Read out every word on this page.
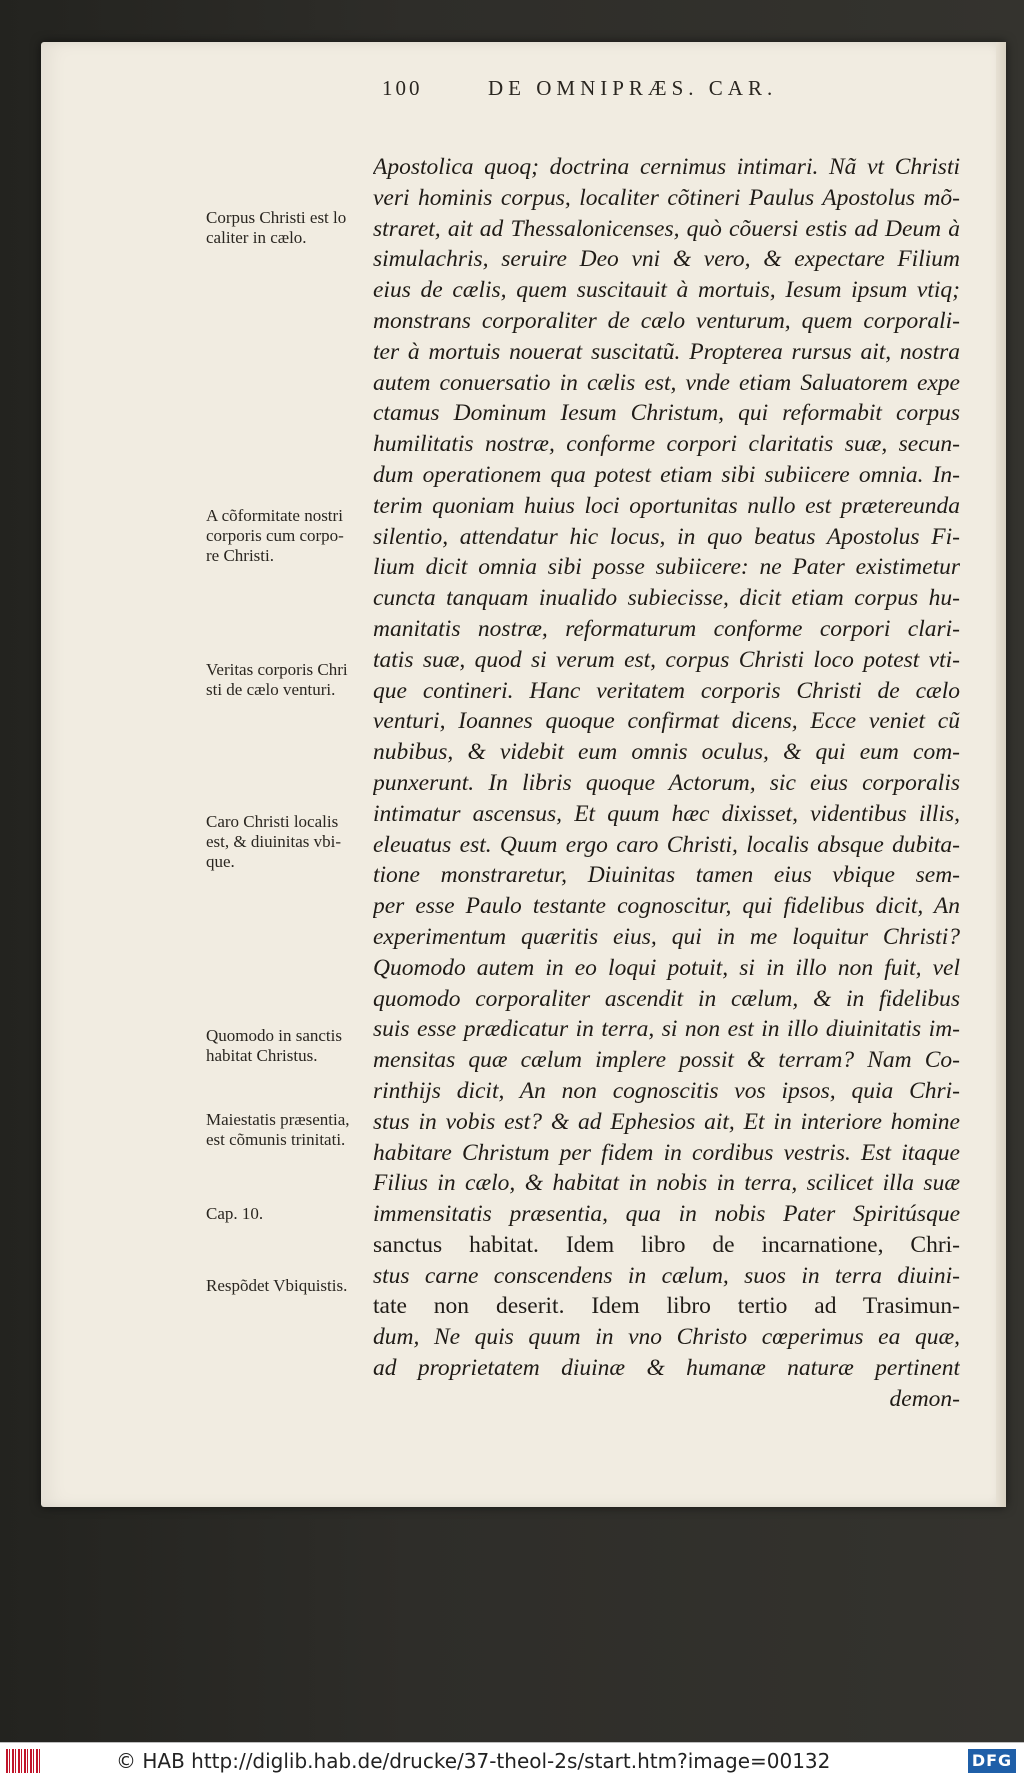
100	DE OMNIPRÆS. CAR.
Apostolica quoq; doctrina cernimus intimari. Nã vt Christi
veri hominis corpus, localiter cõtineri Paulus Apostolus mõ-
straret, ait ad Thessalonicenses, quò cõuersi estis ad Deum à
simulachris, seruire Deo vni & vero, & expectare Filium
eius de cælis, quem suscitauit à mortuis, Iesum ipsum vtiq;
monstrans corporaliter de cælo venturum, quem corporali-
ter à mortuis nouerat suscitatũ. Propterea rursus ait, nostra
autem conuersatio in cælis est, vnde etiam Saluatorem expe
ctamus Dominum Iesum Christum, qui reformabit corpus
humilitatis nostræ, conforme corpori claritatis suæ, secun-
dum operationem qua potest etiam sibi subiicere omnia. In-
terim quoniam huius loci oportunitas nullo est prætereunda
silentio, attendatur hic locus, in quo beatus Apostolus Fi-
lium dicit omnia sibi posse subiicere: ne Pater existimetur
cuncta tanquam inualido subiecisse, dicit etiam corpus hu-
manitatis nostræ, reformaturum conforme corpori clari-
tatis suæ, quod si verum est, corpus Christi loco potest vti-
que contineri. Hanc veritatem corporis Christi de cælo
venturi, Ioannes quoque confirmat dicens, Ecce veniet cũ
nubibus, & videbit eum omnis oculus, & qui eum com-
punxerunt. In libris quoque Actorum, sic eius corporalis
intimatur ascensus, Et quum hæc dixisset, videntibus illis,
eleuatus est. Quum ergo caro Christi, localis absque dubita-
tione monstraretur, Diuinitas tamen eius vbique sem-
per esse Paulo testante cognoscitur, qui fidelibus dicit, An
experimentum quæritis eius, qui in me loquitur Christi?
Quomodo autem in eo loqui potuit, si in illo non fuit, vel
quomodo corporaliter ascendit in cælum, & in fidelibus
suis esse prædicatur in terra, si non est in illo diuinitatis im-
mensitas quæ cælum implere possit & terram? Nam Co-
rinthijs dicit, An non cognoscitis vos ipsos, quia Chri-
stus in vobis est? & ad Ephesios ait, Et in interiore homine
habitare Christum per fidem in cordibus vestris. Est itaque
Filius in cælo, & habitat in nobis in terra, scilicet illa suæ
immensitatis præsentia, qua in nobis Pater Spiritúsque
sanctus habitat. Idem libro de incarnatione, Chri-
stus carne conscendens in cælum, suos in terra diuini-
tate non deserit. Idem libro tertio ad Trasimun-
dum, Ne quis quum in vno Christo cœperimus ea quæ,
ad proprietatem diuinæ & humanæ naturæ pertinent
demon-
Corpus Christi est lo
caliter in cælo.
A cõformitate nostri
corporis cum corpo-
re Christi.
Veritas corporis Chri
sti de cælo venturi.
Caro Christi localis
est, & diuinitas vbi-
que.
Quomodo in sanctis
habitat Christus.
Maiestatis præsentia,
est cõmunis trinitati.
Cap. 10.
Respõdet Vbiquistis.
© HAB http://diglib.hab.de/drucke/37-theol-2s/start.htm?image=00132	DFG
